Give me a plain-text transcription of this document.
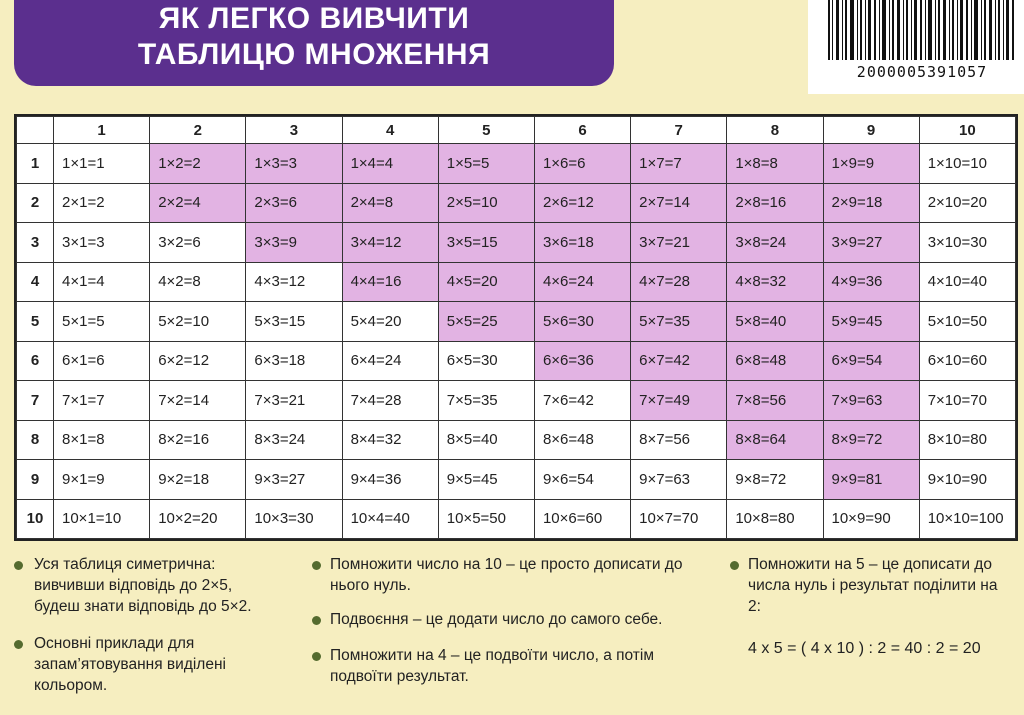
ЯК ЛЕГКО ВИВЧИТИ
ТАБЛИЦЮ МНОЖЕННЯ
2000005391057
	1	2	3	4	5	6	7	8	9	10
1	1×1=1	1×2=2	1×3=3	1×4=4	1×5=5	1×6=6	1×7=7	1×8=8	1×9=9	1×10=10
2	2×1=2	2×2=4	2×3=6	2×4=8	2×5=10	2×6=12	2×7=14	2×8=16	2×9=18	2×10=20
3	3×1=3	3×2=6	3×3=9	3×4=12	3×5=15	3×6=18	3×7=21	3×8=24	3×9=27	3×10=30
4	4×1=4	4×2=8	4×3=12	4×4=16	4×5=20	4×6=24	4×7=28	4×8=32	4×9=36	4×10=40
5	5×1=5	5×2=10	5×3=15	5×4=20	5×5=25	5×6=30	5×7=35	5×8=40	5×9=45	5×10=50
6	6×1=6	6×2=12	6×3=18	6×4=24	6×5=30	6×6=36	6×7=42	6×8=48	6×9=54	6×10=60
7	7×1=7	7×2=14	7×3=21	7×4=28	7×5=35	7×6=42	7×7=49	7×8=56	7×9=63	7×10=70
8	8×1=8	8×2=16	8×3=24	8×4=32	8×5=40	8×6=48	8×7=56	8×8=64	8×9=72	8×10=80
9	9×1=9	9×2=18	9×3=27	9×4=36	9×5=45	9×6=54	9×7=63	9×8=72	9×9=81	9×10=90
10	10×1=10	10×2=20	10×3=30	10×4=40	10×5=50	10×6=60	10×7=70	10×8=80	10×9=90	10×10=100
Уся таблиця симетрична: вивчивши відповідь до 2×5, будеш знати відповідь до 5×2.
Основні приклади для запам’ятовування виділені кольором.
Помножити число на 10 – це просто дописати до нього нуль.
Подвоєння – це додати число до самого себе.
Помножити на 4 – це подвоїти число, а потім подвоїти результат.
Помножити на 5 – це дописати до числа нуль і результат поділити на 2:
4 x 5 = ( 4 x 10 ) : 2 = 40 : 2 = 20
